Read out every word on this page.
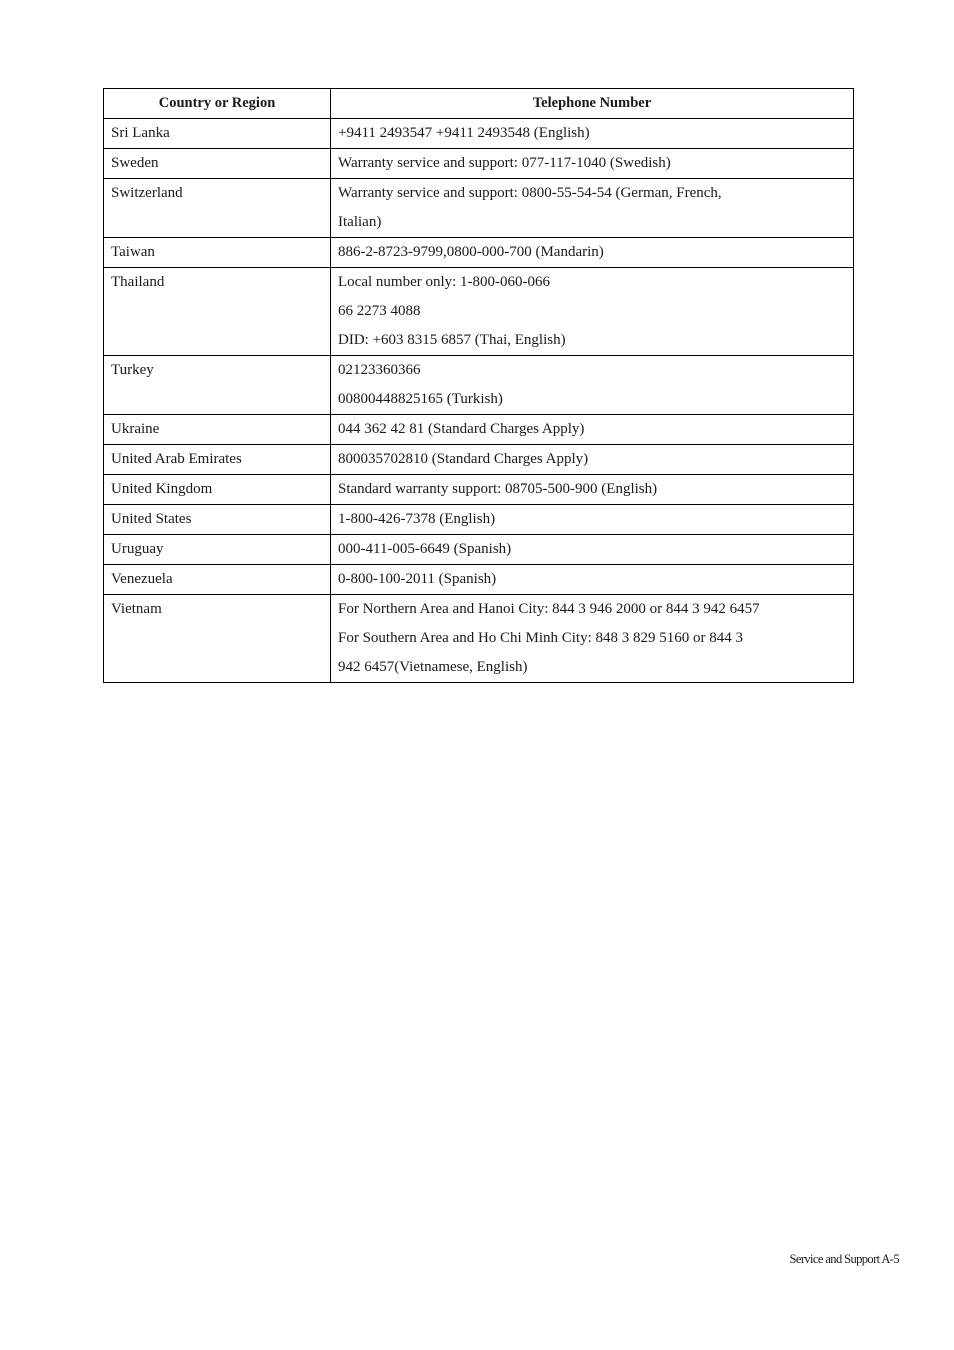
Country or Region	Telephone Number

Sri Lanka	+9411 2493547 +9411 2493548 (English)

Sweden	Warranty service and support: 077-117-1040 (Swedish)

Switzerland	Warranty service and support: 0800-55-54-54 (German, French,
Italian)

Taiwan	886-2-8723-9799,0800-000-700 (Mandarin)

Thailand	Local number only: 1-800-060-066
66 2273 4088
DID: +603 8315 6857 (Thai, English)

Turkey	02123360366
00800448825165 (Turkish)

Ukraine	044 362 42 81 (Standard Charges Apply)

United Arab Emirates	800035702810 (Standard Charges Apply)

United Kingdom	Standard warranty support: 08705-500-900 (English)

United States	1-800-426-7378 (English)

Uruguay	000-411-005-6649 (Spanish)

Venezuela	0-800-100-2011 (Spanish)

Vietnam	For Northern Area and Hanoi City: 844 3 946 2000 or 844 3 942 6457
For Southern Area and Ho Chi Minh City: 848 3 829 5160 or 844 3
942 6457(Vietnamese, English)
Service and Support A-5
